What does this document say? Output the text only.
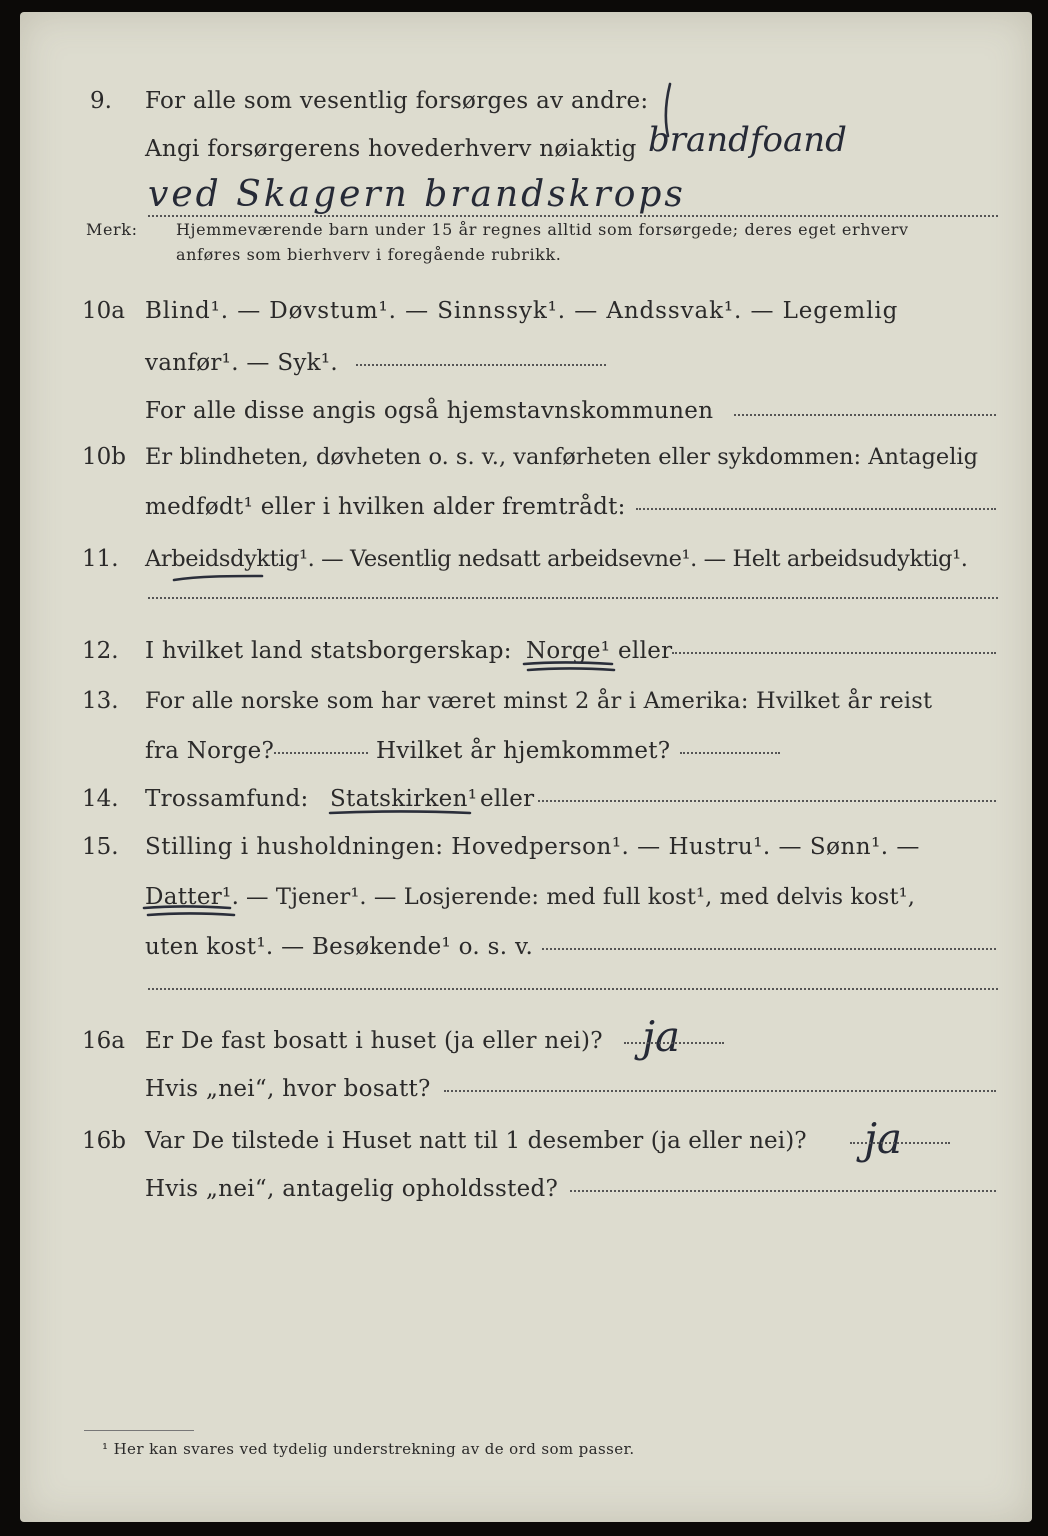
9. For alle som vesentlig forsørges av andre:
Angi forsørgerens hovederhverv nøiaktig brandfoand
ved Skagern brandskrops
Merk: Hjemmeværende barn under 15 år regnes alltid som forsørgede; deres eget erhverv
anføres som bierhverv i foregående rubrikk.
10a Blind¹. — Døvstum¹. — Sinnssyk¹. — Andssvak¹. — Legemlig
vanfør¹. — Syk¹.
For alle disse angis også hjemstavnskommunen
10b Er blindheten, døvheten o. s. v., vanførheten eller sykdommen: Antagelig
medfødt¹ eller i hvilken alder fremtrådt:
11. Arbeidsdyktig¹. — Vesentlig nedsatt arbeidsevne¹. — Helt arbeidsudyktig¹.
12. I hvilket land statsborgerskap: Norge¹ eller
13. For alle norske som har været minst 2 år i Amerika: Hvilket år reist
fra Norge?	Hvilket år hjemkommet?
14. Trossamfund: Statskirken¹ eller
15. Stilling i husholdningen: Hovedperson¹. — Hustru¹. — Sønn¹. —
Datter¹. — Tjener¹. — Losjerende: med full kost¹, med delvis kost¹,
uten kost¹. — Besøkende¹ o. s. v.
16a Er De fast bosatt i huset (ja eller nei)? ja
Hvis „nei“, hvor bosatt?
16b Var De tilstede i Huset natt til 1 desember (ja eller nei)? ja
Hvis „nei“, antagelig opholdssted?
¹ Her kan svares ved tydelig understrekning av de ord som passer.
